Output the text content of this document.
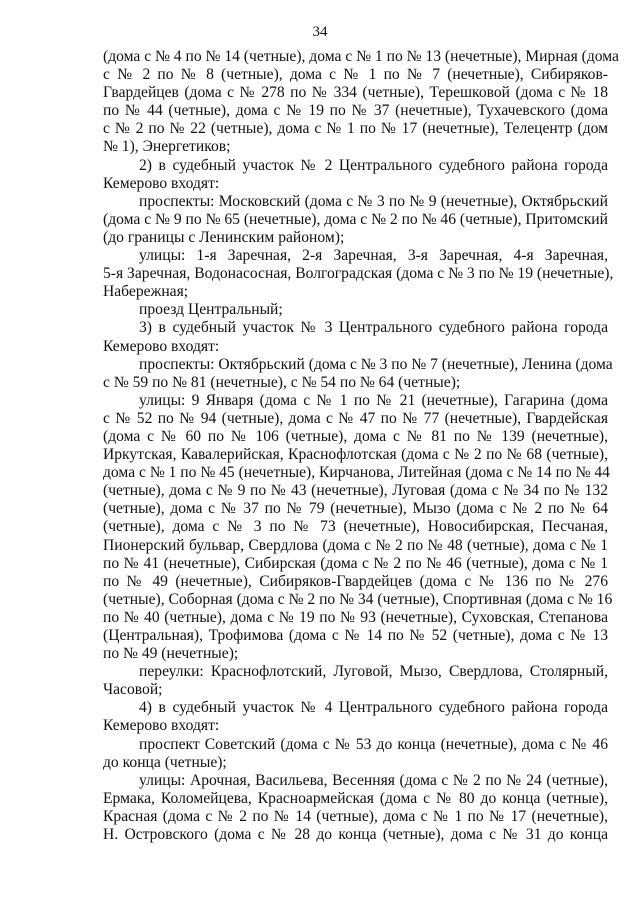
34
(дома с № 4 по № 14 (четные), дома с № 1 по № 13 (нечетные), Мирная (дома
с № 2 по № 8 (четные), дома с № 1 по № 7 (нечетные), Сибиряков-
Гвардейцев (дома с № 278 по № 334 (четные), Терешковой (дома с № 18
по № 44 (четные), дома с № 19 по № 37 (нечетные), Тухачевского (дома
с № 2 по № 22 (четные), дома с № 1 по № 17 (нечетные), Телецентр (дом
№ 1), Энергетиков;
2) в судебный участок № 2 Центрального судебного района города
Кемерово входят:
проспекты: Московский (дома с № 3 по № 9 (нечетные), Октябрьский
(дома с № 9 по № 65 (нечетные), дома с № 2 по № 46 (четные), Притомский
(до границы с Ленинским районом);
улицы: 1-я Заречная, 2-я Заречная, 3-я Заречная, 4-я Заречная,
5-я Заречная, Водонасосная, Волгоградская (дома с № 3 по № 19 (нечетные),
Набережная;
проезд Центральный;
3) в судебный участок № 3 Центрального судебного района города
Кемерово входят:
проспекты: Октябрьский (дома с № 3 по № 7 (нечетные), Ленина (дома
с № 59 по № 81 (нечетные), с № 54 по № 64 (четные);
улицы: 9 Января (дома с № 1 по № 21 (нечетные), Гагарина (дома
с № 52 по № 94 (четные), дома с № 47 по № 77 (нечетные), Гвардейская
(дома с № 60 по № 106 (четные), дома с № 81 по № 139 (нечетные),
Иркутская, Кавалерийская, Краснофлотская (дома с № 2 по № 68 (четные),
дома с № 1 по № 45 (нечетные), Кирчанова, Литейная (дома с № 14 по № 44
(четные), дома с № 9 по № 43 (нечетные), Луговая (дома с № 34 по № 132
(четные), дома с № 37 по № 79 (нечетные), Мызо (дома с № 2 по № 64
(четные), дома с № 3 по № 73 (нечетные), Новосибирская, Песчаная,
Пионерский бульвар, Свердлова (дома с № 2 по № 48 (четные), дома с № 1
по № 41 (нечетные), Сибирская (дома с № 2 по № 46 (четные), дома с № 1
по № 49 (нечетные), Сибиряков-Гвардейцев (дома с № 136 по № 276
(четные), Соборная (дома с № 2 по № 34 (четные), Спортивная (дома с № 16
по № 40 (четные), дома с № 19 по № 93 (нечетные), Суховская, Степанова
(Центральная), Трофимова (дома с № 14 по № 52 (четные), дома с № 13
по № 49 (нечетные);
переулки: Краснофлотский, Луговой, Мызо, Свердлова, Столярный,
Часовой;
4) в судебный участок № 4 Центрального судебного района города
Кемерово входят:
проспект Советский (дома с № 53 до конца (нечетные), дома с № 46
до конца (четные);
улицы: Арочная, Васильева, Весенняя (дома с № 2 по № 24 (четные),
Ермака, Коломейцева, Красноармейская (дома с № 80 до конца (четные),
Красная (дома с № 2 по № 14 (четные), дома с № 1 по № 17 (нечетные),
Н. Островского (дома с № 28 до конца (четные), дома с № 31 до конца
